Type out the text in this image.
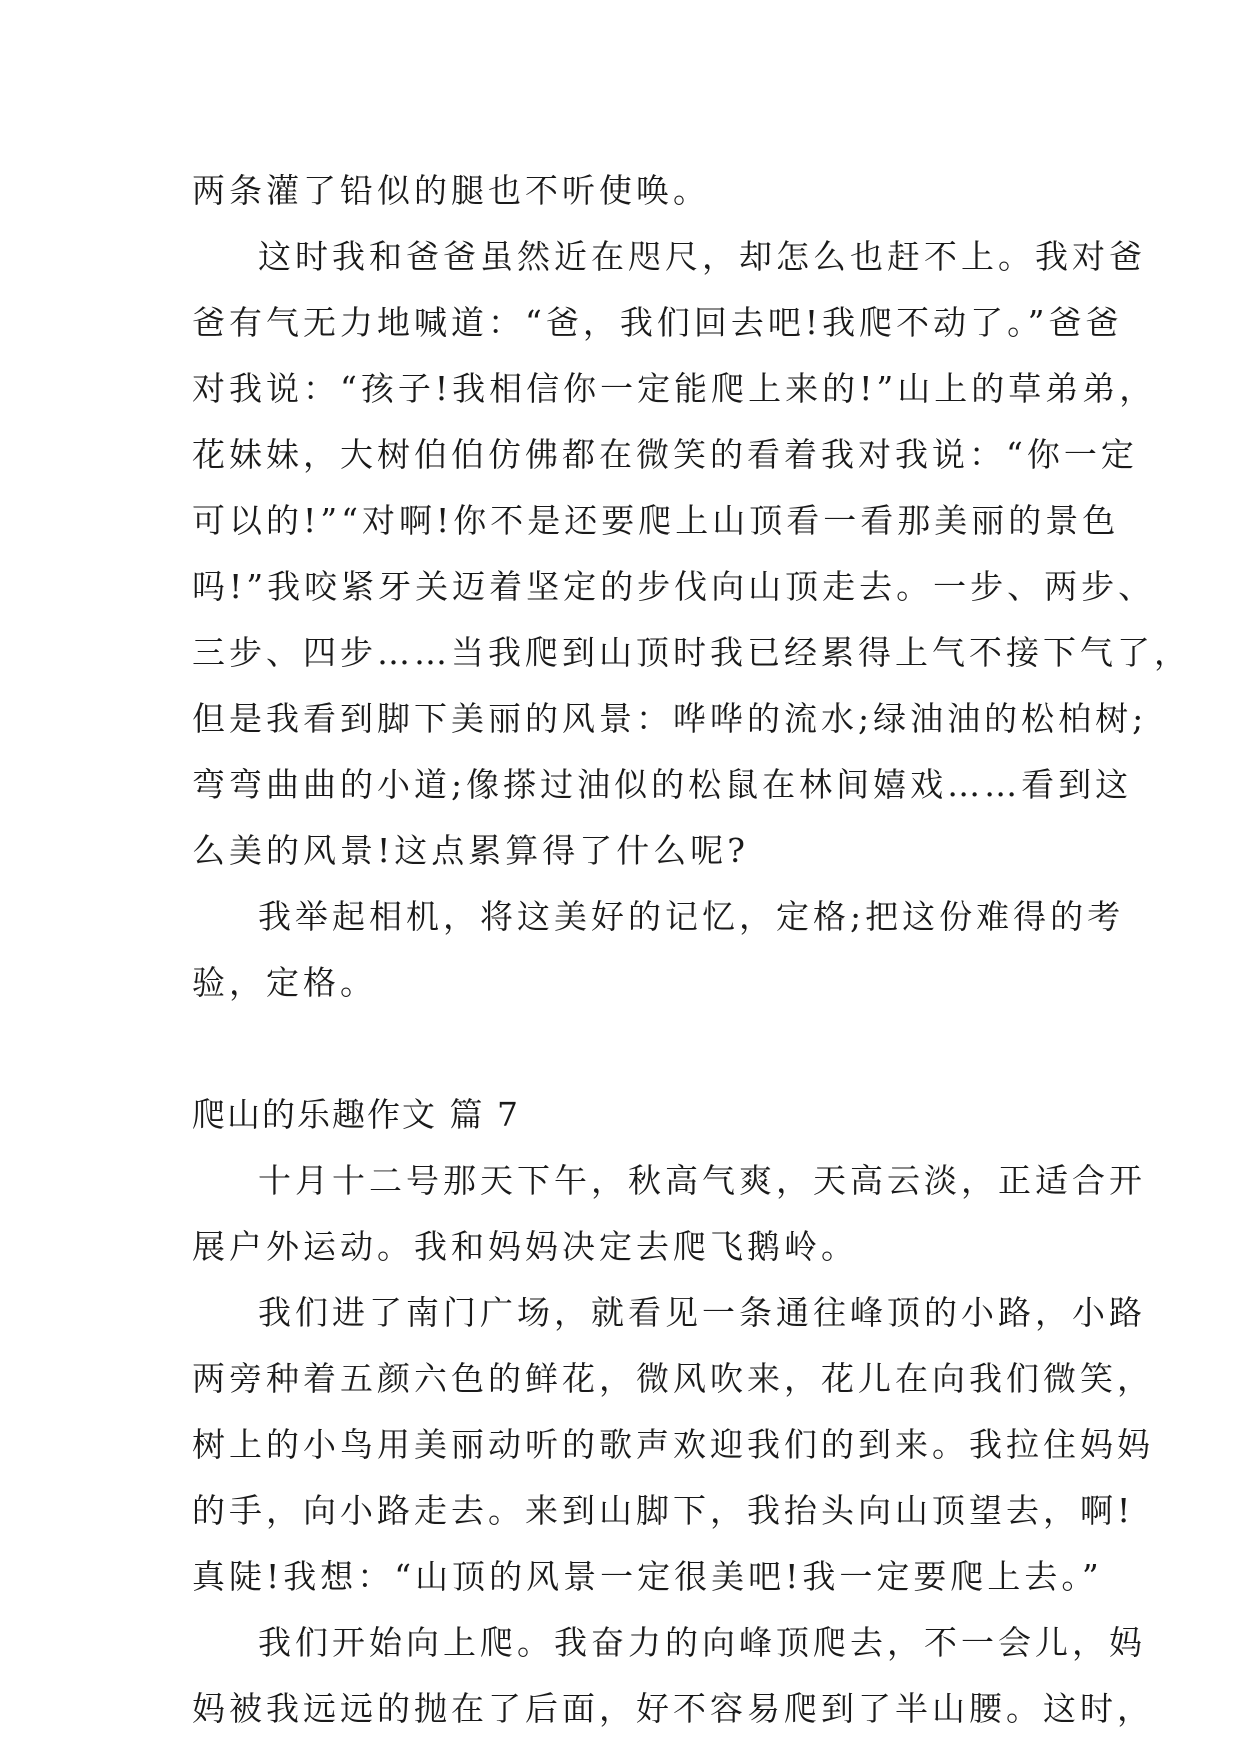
两条灌了铅似的腿也不听使唤。
这时我和爸爸虽然近在咫尺，却怎么也赶不上。我对爸
爸有气无力地喊道：“爸，我们回去吧!我爬不动了。”爸爸
对我说：“孩子!我相信你一定能爬上来的!”山上的草弟弟，
花妹妹，大树伯伯仿佛都在微笑的看着我对我说：“你一定
可以的!”“对啊!你不是还要爬上山顶看一看那美丽的景色
吗!”我咬紧牙关迈着坚定的步伐向山顶走去。一步、两步、
三步、四步……当我爬到山顶时我已经累得上气不接下气了，
但是我看到脚下美丽的风景：哗哗的流水;绿油油的松柏树;
弯弯曲曲的小道;像搽过油似的松鼠在林间嬉戏……看到这
么美的风景!这点累算得了什么呢?
我举起相机，将这美好的记忆，定格;把这份难得的考
验，定格。
爬山的乐趣作文 篇 7
十月十二号那天下午，秋高气爽，天高云淡，正适合开
展户外运动。我和妈妈决定去爬飞鹅岭。
我们进了南门广场，就看见一条通往峰顶的小路，小路
两旁种着五颜六色的鲜花，微风吹来，花儿在向我们微笑，
树上的小鸟用美丽动听的歌声欢迎我们的到来。我拉住妈妈
的手，向小路走去。来到山脚下，我抬头向山顶望去，啊!
真陡!我想：“山顶的风景一定很美吧!我一定要爬上去。”
我们开始向上爬。我奋力的向峰顶爬去，不一会儿，妈
妈被我远远的抛在了后面，好不容易爬到了半山腰。这时，
